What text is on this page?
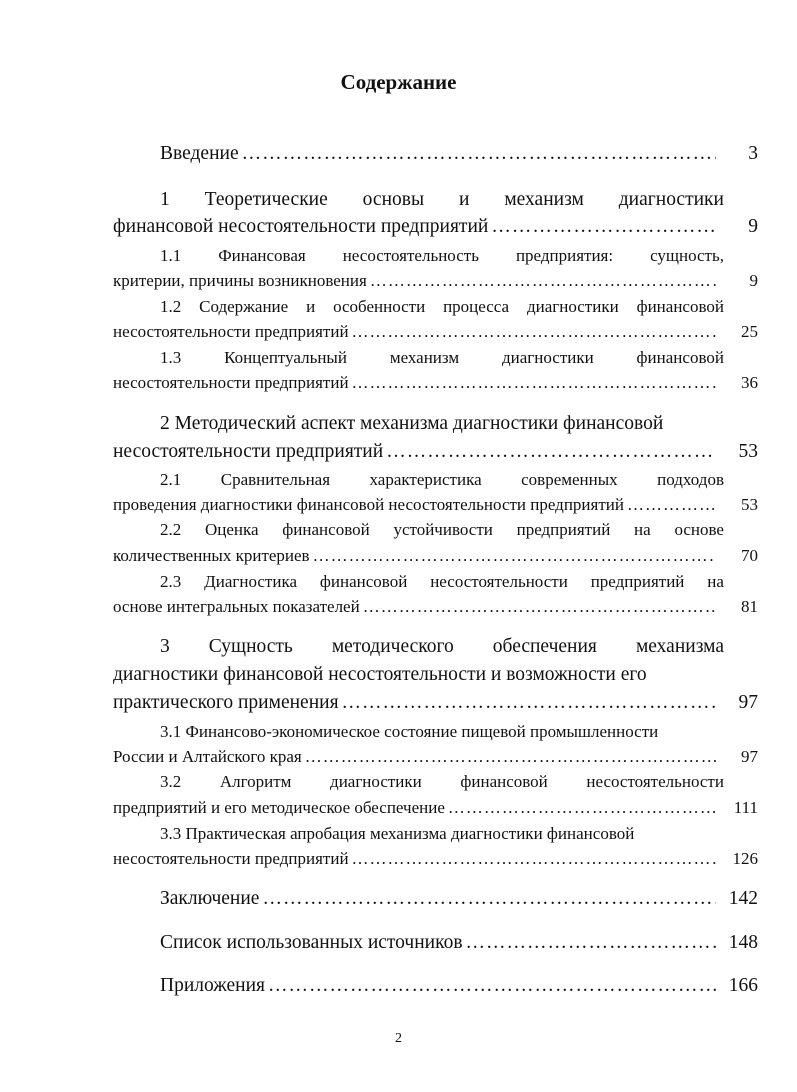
Содержание
Введение ……………………………………………………………………………………………………………………………………	3
1 Теоретические основы и механизм диагностики
финансовой несостоятельности предприятий ……………………………………………………………………………………………………………………………………	9
1.1 Финансовая несостоятельность предприятия: сущность,
критерии, причины возникновения ……………………………………………………………………………………………………………………………………	9
1.2 Содержание и особенности процесса диагностики финансовой
несостоятельности предприятий ……………………………………………………………………………………………………………………………………	25
1.3	Концептуальный	механизм	диагностики	финансовой
несостоятельности предприятий ……………………………………………………………………………………………………………………………………	36
2 Методический аспект механизма диагностики финансовой
несостоятельности предприятий ……………………………………………………………………………………………………………………………………	53
2.1 Сравнительная характеристика современных подходов
проведения диагностики финансовой несостоятельности предприятий ……………………………………………………………………………………………………………………………………	53
2.2 Оценка финансовой устойчивости предприятий на основе
количественных критериев ……………………………………………………………………………………………………………………………………	70
2.3 Диагностика финансовой несостоятельности предприятий на
основе интегральных показателей ……………………………………………………………………………………………………………………………………	81
3 Сущность методического обеспечения механизма
диагностики финансовой несостоятельности и возможности его
практического применения ……………………………………………………………………………………………………………………………………	97
3.1 Финансово-экономическое состояние пищевой промышленности
России и Алтайского края ……………………………………………………………………………………………………………………………………	97
3.2 Алгоритм диагностики финансовой несостоятельности
предприятий и его методическое обеспечение ……………………………………………………………………………………………………………………………………	111
3.3 Практическая апробация механизма диагностики финансовой
несостоятельности предприятий ……………………………………………………………………………………………………………………………………	126
Заключение ……………………………………………………………………………………………………………………………………	142
Список использованных источников ……………………………………………………………………………………………………………………………………	148
Приложения ……………………………………………………………………………………………………………………………………	166
2
